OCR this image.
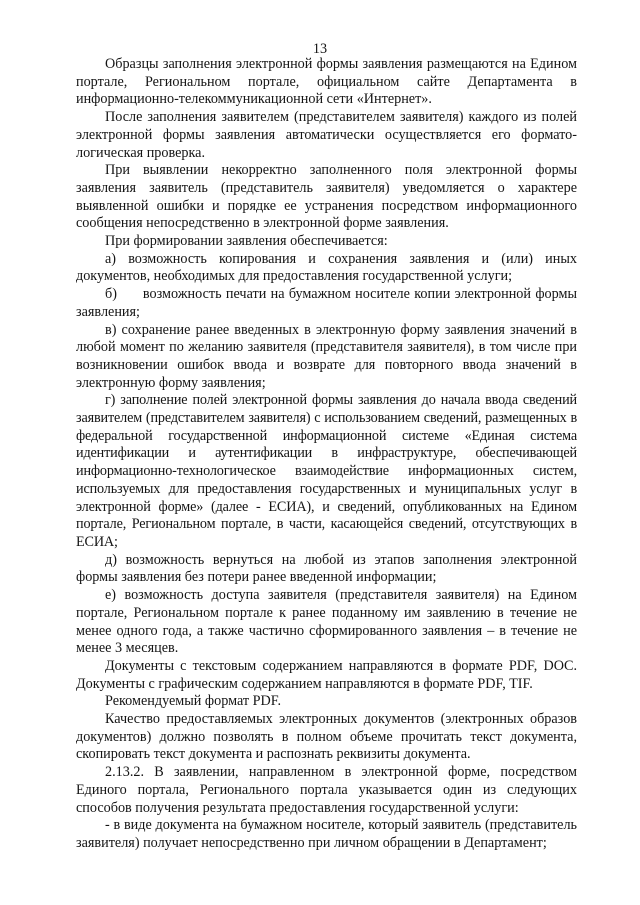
13

Образцы заполнения электронной формы заявления размещаются на Едином портале, Региональном портале, официальном сайте Департамента в информационно-телекоммуникационной сети «Интернет».

После заполнения заявителем (представителем заявителя) каждого из полей электронной формы заявления автоматически осуществляется его форматологическая проверка.

При выявлении некорректно заполненного поля электронной формы заявления заявитель (представитель заявителя) уведомляется о характере выявленной ошибки и порядке ее устранения посредством информационного сообщения непосредственно в электронной форме заявления.

При формировании заявления обеспечивается:

а) возможность копирования и сохранения заявления и (или) иных документов, необходимых для предоставления государственной услуги;

б)      возможность печати на бумажном носителе копии электронной формы заявления;

в) сохранение ранее введенных в электронную форму заявления значений в любой момент по желанию заявителя (представителя заявителя), в том числе при возникновении ошибок ввода и возврате для повторного ввода значений в электронную форму заявления;

г) заполнение полей электронной формы заявления до начала ввода сведений заявителем (представителем заявителя) с использованием сведений, размещенных в федеральной государственной информационной системе «Единая система идентификации и аутентификации в инфраструктуре, обеспечивающей информационно-технологическое взаимодействие информационных систем, используемых для предоставления государственных и муниципальных услуг в электронной форме» (далее - ЕСИА), и сведений, опубликованных на Едином портале, Региональном портале, в части, касающейся сведений, отсутствующих в ЕСИА;

д) возможность вернуться на любой из этапов заполнения электронной формы заявления без потери ранее введенной информации;

е) возможность доступа заявителя (представителя заявителя) на Едином портале, Региональном портале к ранее поданному им заявлению в течение не менее одного года, а также частично сформированного заявления – в течение не менее 3 месяцев.

Документы с текстовым содержанием направляются в формате PDF, DOC. Документы с графическим содержанием направляются в формате PDF, TIF.

Рекомендуемый формат PDF.

Качество предоставляемых электронных документов (электронных образов документов) должно позволять в полном объеме прочитать текст документа, скопировать текст документа и распознать реквизиты документа.

2.13.2. В заявлении, направленном в электронной форме, посредством Единого портала, Регионального портала указывается один из следующих способов получения результата предоставления государственной услуги:

- в виде документа на бумажном носителе, который заявитель (представитель заявителя) получает непосредственно при личном обращении в Департамент;
